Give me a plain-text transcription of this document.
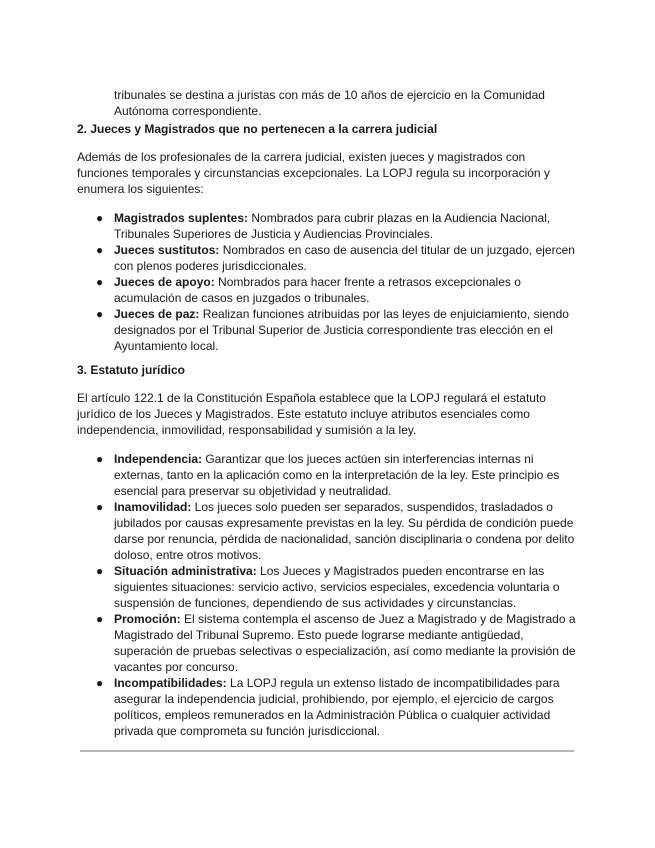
tribunales se destina a juristas con más de 10 años de ejercicio en la Comunidad Autónoma correspondiente.

2. Jueces y Magistrados que no pertenecen a la carrera judicial

Además de los profesionales de la carrera judicial, existen jueces y magistrados con funciones temporales y circunstancias excepcionales. La LOPJ regula su incorporación y enumera los siguientes:

● Magistrados suplentes: Nombrados para cubrir plazas en la Audiencia Nacional, Tribunales Superiores de Justicia y Audiencias Provinciales.
● Jueces sustitutos: Nombrados en caso de ausencia del titular de un juzgado, ejercen con plenos poderes jurisdiccionales.
● Jueces de apoyo: Nombrados para hacer frente a retrasos excepcionales o acumulación de casos en juzgados o tribunales.
● Jueces de paz: Realizan funciones atribuidas por las leyes de enjuiciamiento, siendo designados por el Tribunal Superior de Justicia correspondiente tras elección en el Ayuntamiento local.
3. Estatuto jurídico

El artículo 122.1 de la Constitución Española establece que la LOPJ regulará el estatuto jurídico de los Jueces y Magistrados. Este estatuto incluye atributos esenciales como independencia, inmovilidad, responsabilidad y sumisión a la ley.

● Independencia: Garantizar que los jueces actúen sin interferencias internas ni externas, tanto en la aplicación como en la interpretación de la ley. Este principio es esencial para preservar su objetividad y neutralidad.
● Inamovilidad: Los jueces solo pueden ser separados, suspendidos, trasladados o jubilados por causas expresamente previstas en la ley. Su pérdida de condición puede darse por renuncia, pérdida de nacionalidad, sanción disciplinaria o condena por delito doloso, entre otros motivos.
● Situación administrativa: Los Jueces y Magistrados pueden encontrarse en las siguientes situaciones: servicio activo, servicios especiales, excedencia voluntaria o suspensión de funciones, dependiendo de sus actividades y circunstancias.
● Promoción: El sistema contempla el ascenso de Juez a Magistrado y de Magistrado a Magistrado del Tribunal Supremo. Esto puede lograrse mediante antigüedad, superación de pruebas selectivas o especialización, así como mediante la provisión de vacantes por concurso.
● Incompatibilidades: La LOPJ regula un extenso listado de incompatibilidades para asegurar la independencia judicial, prohibiendo, por ejemplo, el ejercicio de cargos políticos, empleos remunerados en la Administración Pública o cualquier actividad privada que comprometa su función jurisdiccional.
